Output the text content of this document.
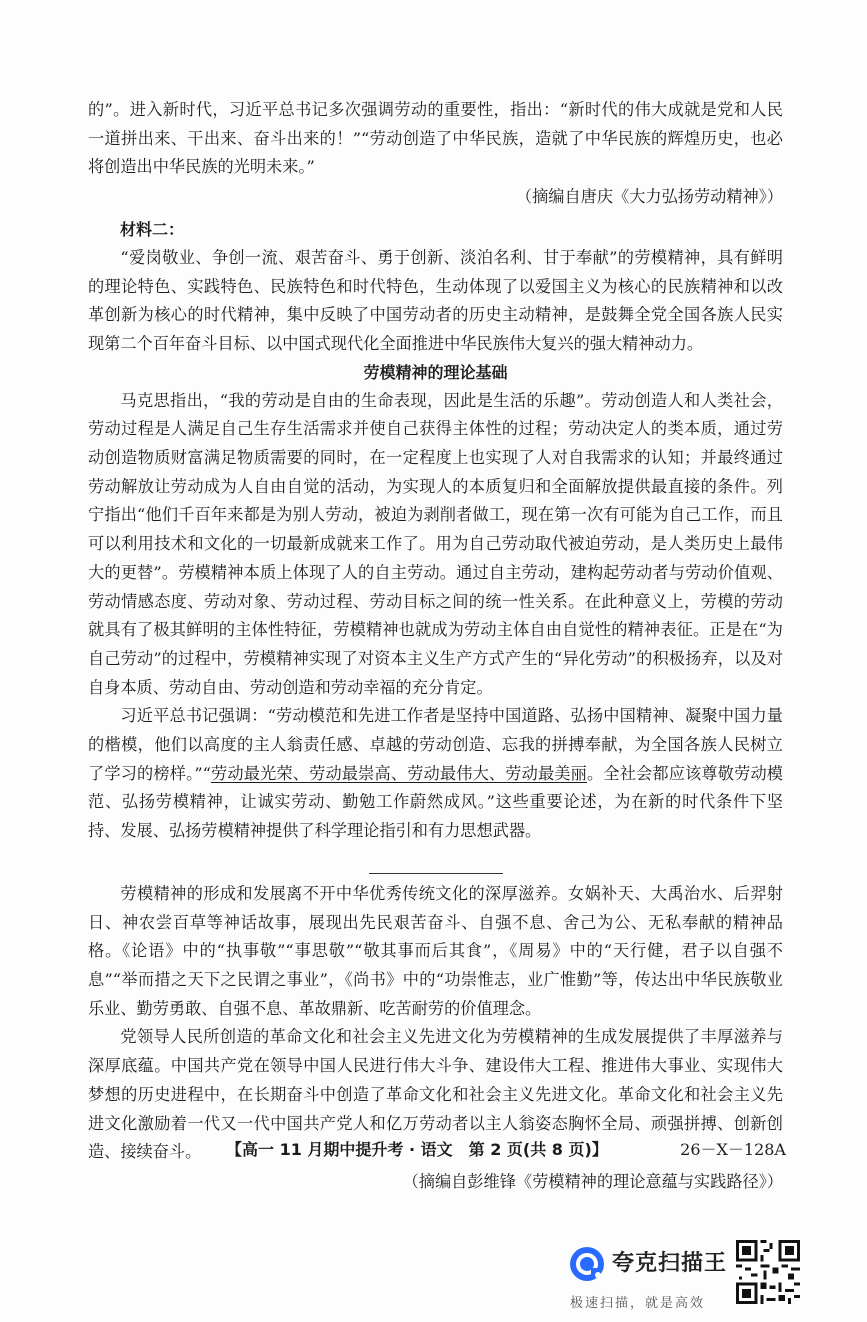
的”。进入新时代，习近平总书记多次强调劳动的重要性，指出：“新时代的伟大成就是党和人民一道拼出来、干出来、奋斗出来的！”“劳动创造了中华民族，造就了中华民族的辉煌历史，也必将创造出中华民族的光明未来。”

（摘编自唐庆《大力弘扬劳动精神》）

材料二：

“爱岗敬业、争创一流、艰苦奋斗、勇于创新、淡泊名利、甘于奉献”的劳模精神，具有鲜明的理论特色、实践特色、民族特色和时代特色，生动体现了以爱国主义为核心的民族精神和以改革创新为核心的时代精神，集中反映了中国劳动者的历史主动精神，是鼓舞全党全国各族人民实现第二个百年奋斗目标、以中国式现代化全面推进中华民族伟大复兴的强大精神动力。

劳模精神的理论基础

马克思指出，“我的劳动是自由的生命表现，因此是生活的乐趣”。劳动创造人和人类社会，劳动过程是人满足自己生存生活需求并使自己获得主体性的过程；劳动决定人的类本质，通过劳动创造物质财富满足物质需要的同时，在一定程度上也实现了人对自我需求的认知；并最终通过劳动解放让劳动成为人自由自觉的活动，为实现人的本质复归和全面解放提供最直接的条件。列宁指出“他们千百年来都是为别人劳动，被迫为剥削者做工，现在第一次有可能为自己工作，而且可以利用技术和文化的一切最新成就来工作了。用为自己劳动取代被迫劳动，是人类历史上最伟大的更替”。劳模精神本质上体现了人的自主劳动。通过自主劳动，建构起劳动者与劳动价值观、劳动情感态度、劳动对象、劳动过程、劳动目标之间的统一性关系。在此种意义上，劳模的劳动就具有了极其鲜明的主体性特征，劳模精神也就成为劳动主体自由自觉性的精神表征。正是在“为自己劳动”的过程中，劳模精神实现了对资本主义生产方式产生的“异化劳动”的积极扬弃，以及对自身本质、劳动自由、劳动创造和劳动幸福的充分肯定。

习近平总书记强调：“劳动模范和先进工作者是坚持中国道路、弘扬中国精神、凝聚中国力量的楷模，他们以高度的主人翁责任感、卓越的劳动创造、忘我的拼搏奉献，为全国各族人民树立了学习的榜样。”“劳动最光荣、劳动最崇高、劳动最伟大、劳动最美丽。全社会都应该尊敬劳动模范、弘扬劳模精神，让诚实劳动、勤勉工作蔚然成风。”这些重要论述，为在新的时代条件下坚持、发展、弘扬劳模精神提供了科学理论指引和有力思想武器。

劳模精神的形成和发展离不开中华优秀传统文化的深厚滋养。女娲补天、大禹治水、后羿射日、神农尝百草等神话故事，展现出先民艰苦奋斗、自强不息、舍己为公、无私奉献的精神品格。《论语》中的“执事敬”“事思敬”“敬其事而后其食”，《周易》中的“天行健，君子以自强不息”“举而措之天下之民谓之事业”，《尚书》中的“功崇惟志，业广惟勤”等，传达出中华民族敬业乐业、勤劳勇敢、自强不息、革故鼎新、吃苦耐劳的价值理念。

党领导人民所创造的革命文化和社会主义先进文化为劳模精神的生成发展提供了丰厚滋养与深厚底蕴。中国共产党在领导中国人民进行伟大斗争、建设伟大工程、推进伟大事业、实现伟大梦想的历史进程中，在长期奋斗中创造了革命文化和社会主义先进文化。革命文化和社会主义先进文化激励着一代又一代中国共产党人和亿万劳动者以主人翁姿态胸怀全局、顽强拼搏、创新创造、接续奋斗。

（摘编自彭维锋《劳模精神的理论意蕴与实践路径》）

【高一 11 月期中提升考 · 语文　第 2 页(共 8 页)】	26－X－128A
夸克扫描王
极速扫描，就是高效
